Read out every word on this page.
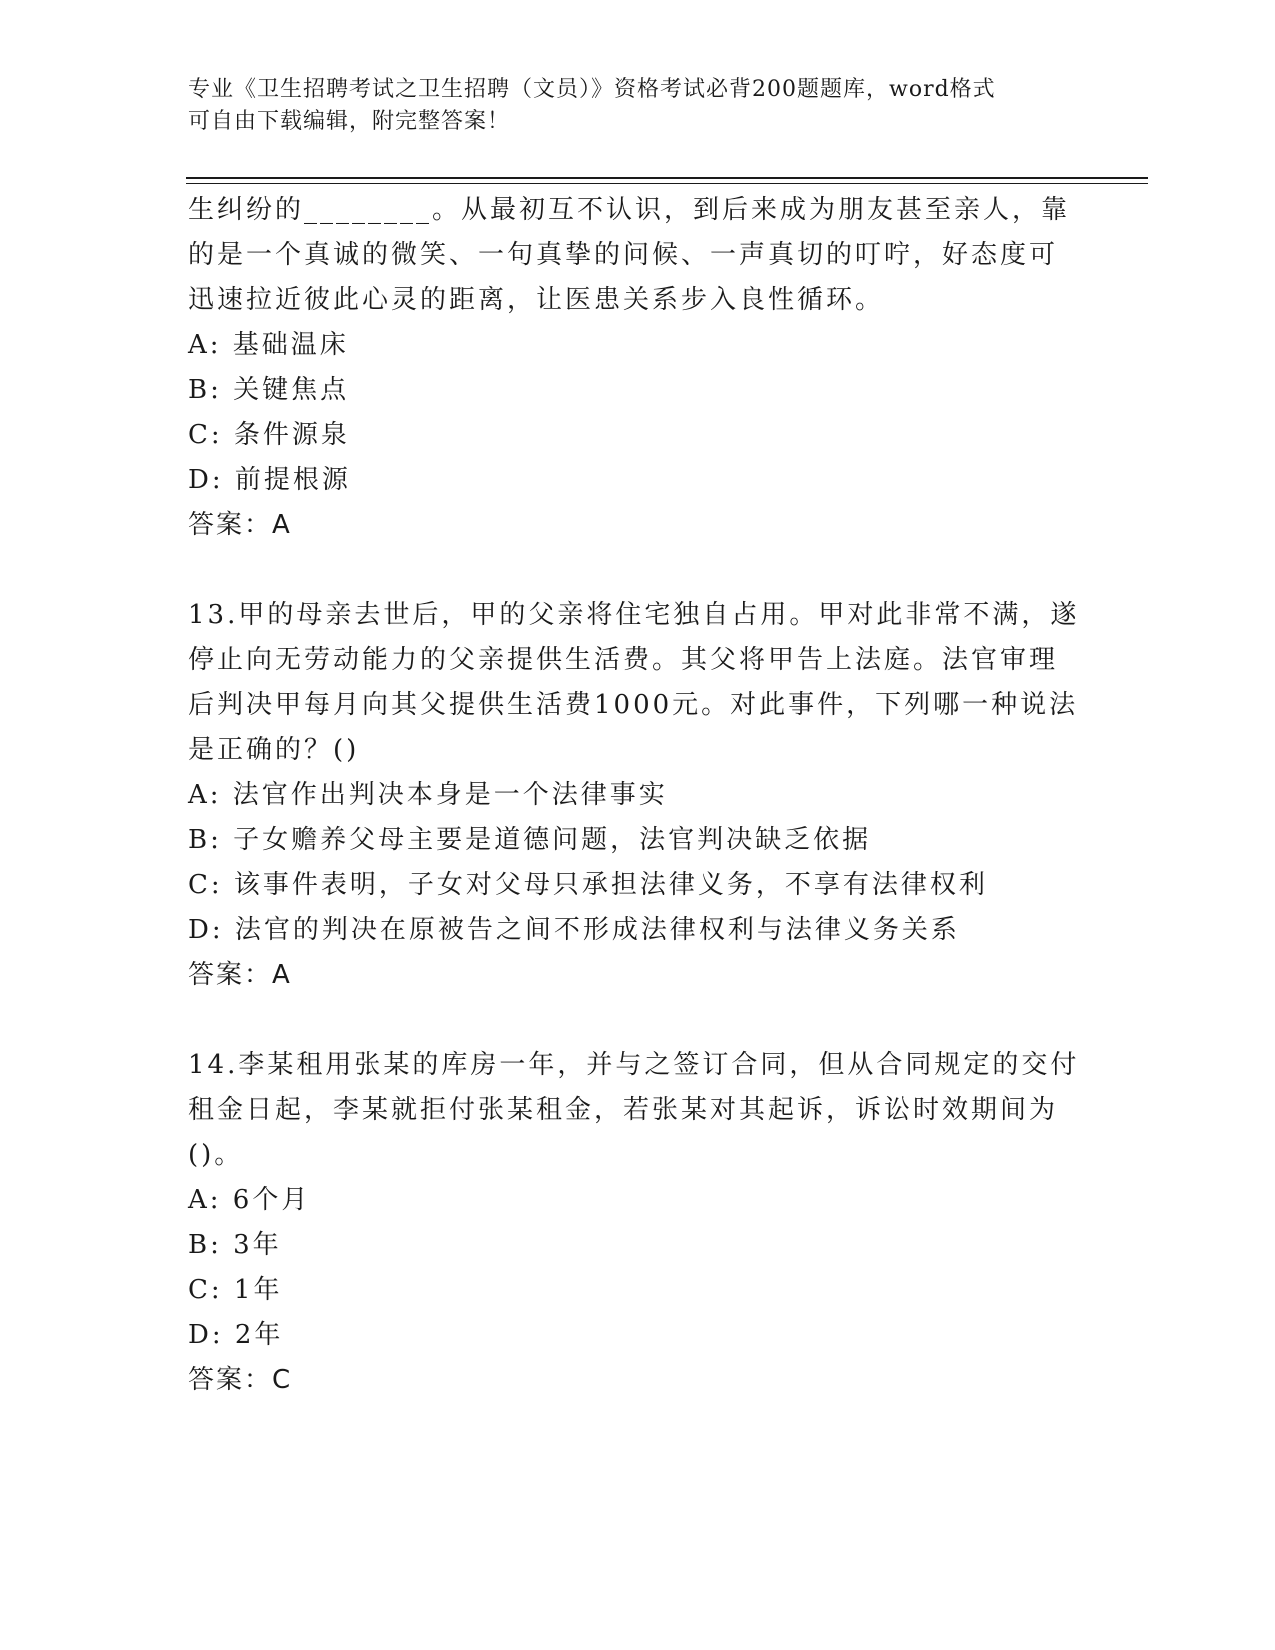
专业《卫生招聘考试之卫生招聘（文员）》资格考试必背200题题库，word格式
可自由下载编辑，附完整答案！

生纠纷的________。从最初互不认识，到后来成为朋友甚至亲人，靠

的是一个真诚的微笑、一句真挚的问候、一声真切的叮咛，好态度可

迅速拉近彼此心灵的距离，让医患关系步入良性循环。

A: 基础温床

B: 关键焦点

C: 条件源泉

D: 前提根源

答案：A

13.甲的母亲去世后，甲的父亲将住宅独自占用。甲对此非常不满，遂

停止向无劳动能力的父亲提供生活费。其父将甲告上法庭。法官审理

后判决甲每月向其父提供生活费1000元。对此事件，下列哪一种说法

是正确的？()

A: 法官作出判决本身是一个法律事实

B: 子女赡养父母主要是道德问题，法官判决缺乏依据

C: 该事件表明，子女对父母只承担法律义务，不享有法律权利

D: 法官的判决在原被告之间不形成法律权利与法律义务关系

答案：A

14.李某租用张某的库房一年，并与之签订合同，但从合同规定的交付

租金日起，李某就拒付张某租金，若张某对其起诉，诉讼时效期间为

()。

A: 6个月

B: 3年

C: 1年

D: 2年

答案：C
